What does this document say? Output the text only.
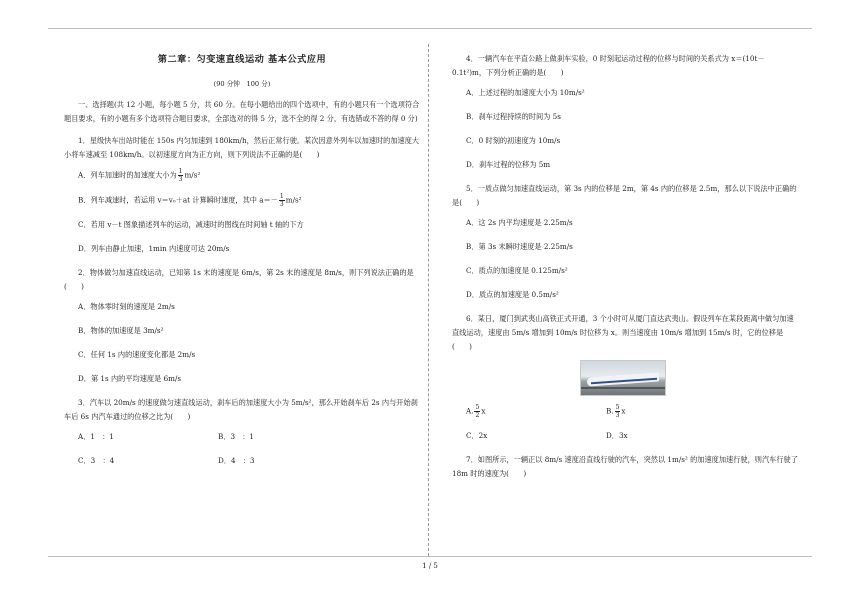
第二章：匀变速直线运动 基本公式应用
(90 分钟　100 分)
一、选择题(共 12 小题，每小题 5 分，共 60 分。在每小题给出的四个选项中，有的小题只有一个选项符合题目要求，有的小题有多个选项符合题目要求，全部选对的得 5 分，选不全的得 2 分，有选错或不答的得 0 分)
1．星级快车出站时能在 150s 内匀加速到 180km/h，然后正常行驶。某次因意外列车以加速时的加速度大小将车速减至 108km/h。以初速度方向为正方向，则下列说法不正确的是(　　)
A．列车加速时的加速度大小为 $\frac{1}{3} m/s^2$
B．列车减速时，若运用 v＝v₀＋at 计算瞬时速度，其中 $a=- \frac{1}{3} m/s^2$
C．若用 v－t 图象描述列车的运动，减速时的图线在时间轴 t 轴的下方
D．列车由静止加速，1min 内速度可达 20m/s
2．物体做匀加速直线运动，已知第 1s 末的速度是 6m/s，第 2s 末的速度是 8m/s，则下列说法正确的是(　　)
A．物体零时刻的速度是 2m/s
B．物体的加速度是 3m/s²
C．任何 1s 内的速度变化都是 2m/s
D．第 1s 内的平均速度是 6m/s
3．汽车以 20m/s 的速度做匀速直线运动，刹车后的加速度大小为 5m/s²，那么开始刹车后 2s 内与开始刹车后 6s 内汽车通过的位移之比为(　　)
A．1　：1	B．3　：1
C．3　：4	D．4　：3
4．一辆汽车在平直公路上做刹车实验，0 时刻起运动过程的位移与时间的关系式为 x＝(10t－0.1t²)m，下列分析正确的是(　　)
A．上述过程的加速度大小为 10m/s²
B．刹车过程持续的时间为 5s
C．0 时刻的初速度为 10m/s
D．刹车过程的位移为 5m
5．一质点做匀加速直线运动，第 3s 内的位移是 2m，第 4s 内的位移是 2.5m，那么以下说法中正确的是(　　)
A．这 2s 内平均速度是 2.25m/s
B．第 3s 末瞬时速度是 2.25m/s
C．质点的加速度是 0.125m/s²
D．质点的加速度是 0.5m/s²
6．某日，厦门到武夷山高铁正式开通，3 个小时可从厦门直达武夷山。假设列车在某段距离中做匀加速直线运动，速度由 5m/s 增加到 10m/s 时位移为 x。则当速度由 10m/s 增加到 15m/s 时，它的位移是(　　)
A. $\frac{5}{2}$ x	B. $\frac{5}{3}$ x
C．2x	D．3x
7．如图所示，一辆正以 8m/s 速度沿直线行驶的汽车，突然以 1m/s² 的加速度加速行驶，则汽车行驶了 18m 时的速度为(　　)
1 / 5
